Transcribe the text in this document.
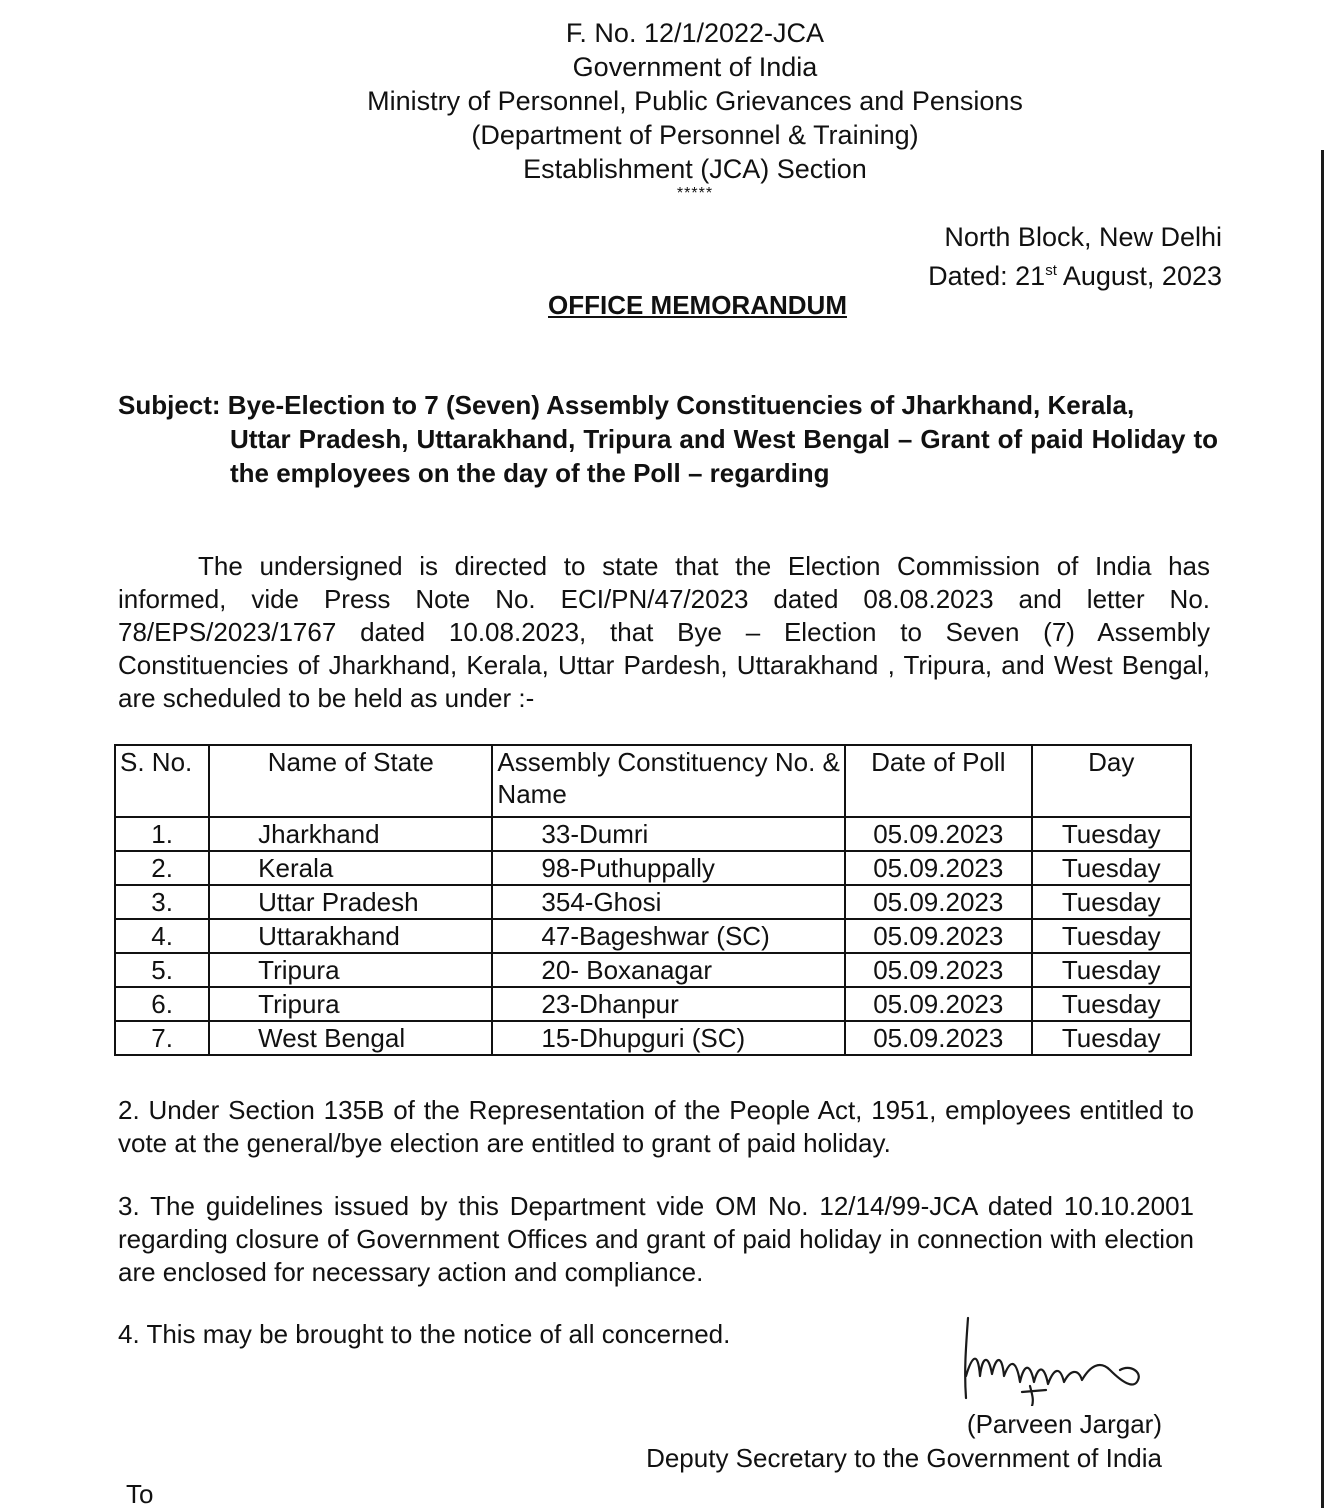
F. No. 12/1/2022-JCA
Government of India
Ministry of Personnel, Public Grievances and Pensions
(Department of Personnel & Training)
Establishment (JCA) Section
*****
North Block, New Delhi
Dated: 21st August, 2023
OFFICE MEMORANDUM
Subject: Bye-Election to 7 (Seven) Assembly Constituencies of Jharkhand, Kerala,
Uttar Pradesh, Uttarakhand, Tripura and West Bengal – Grant of paid Holiday to the employees on the day of the Poll – regarding
The undersigned is directed to state that the Election Commission of India has informed, vide Press Note No. ECI/PN/47/2023 dated 08.08.2023 and letter No. 78/EPS/2023/1767 dated 10.08.2023, that Bye – Election to Seven (7) Assembly Constituencies of Jharkhand, Kerala, Uttar Pardesh, Uttarakhand , Tripura, and West Bengal, are scheduled to be held as under :-
S. No.	Name of State	Assembly Constituency No. & Name	Date of Poll	Day
1.	Jharkhand	33-Dumri	05.09.2023	Tuesday
2.	Kerala	98-Puthuppally	05.09.2023	Tuesday
3.	Uttar Pradesh	354-Ghosi	05.09.2023	Tuesday
4.	Uttarakhand	47-Bageshwar (SC)	05.09.2023	Tuesday
5.	Tripura	20- Boxanagar	05.09.2023	Tuesday
6.	Tripura	23-Dhanpur	05.09.2023	Tuesday
7.	West Bengal	15-Dhupguri (SC)	05.09.2023	Tuesday
2. Under Section 135B of the Representation of the People Act, 1951, employees entitled to vote at the general/bye election are entitled to grant of paid holiday.
3. The guidelines issued by this Department vide OM No. 12/14/99-JCA dated 10.10.2001 regarding closure of Government Offices and grant of paid holiday in connection with election are enclosed for necessary action and compliance.
4. This may be brought to the notice of all concerned.
(Parveen Jargar)
Deputy Secretary to the Government of India
To
